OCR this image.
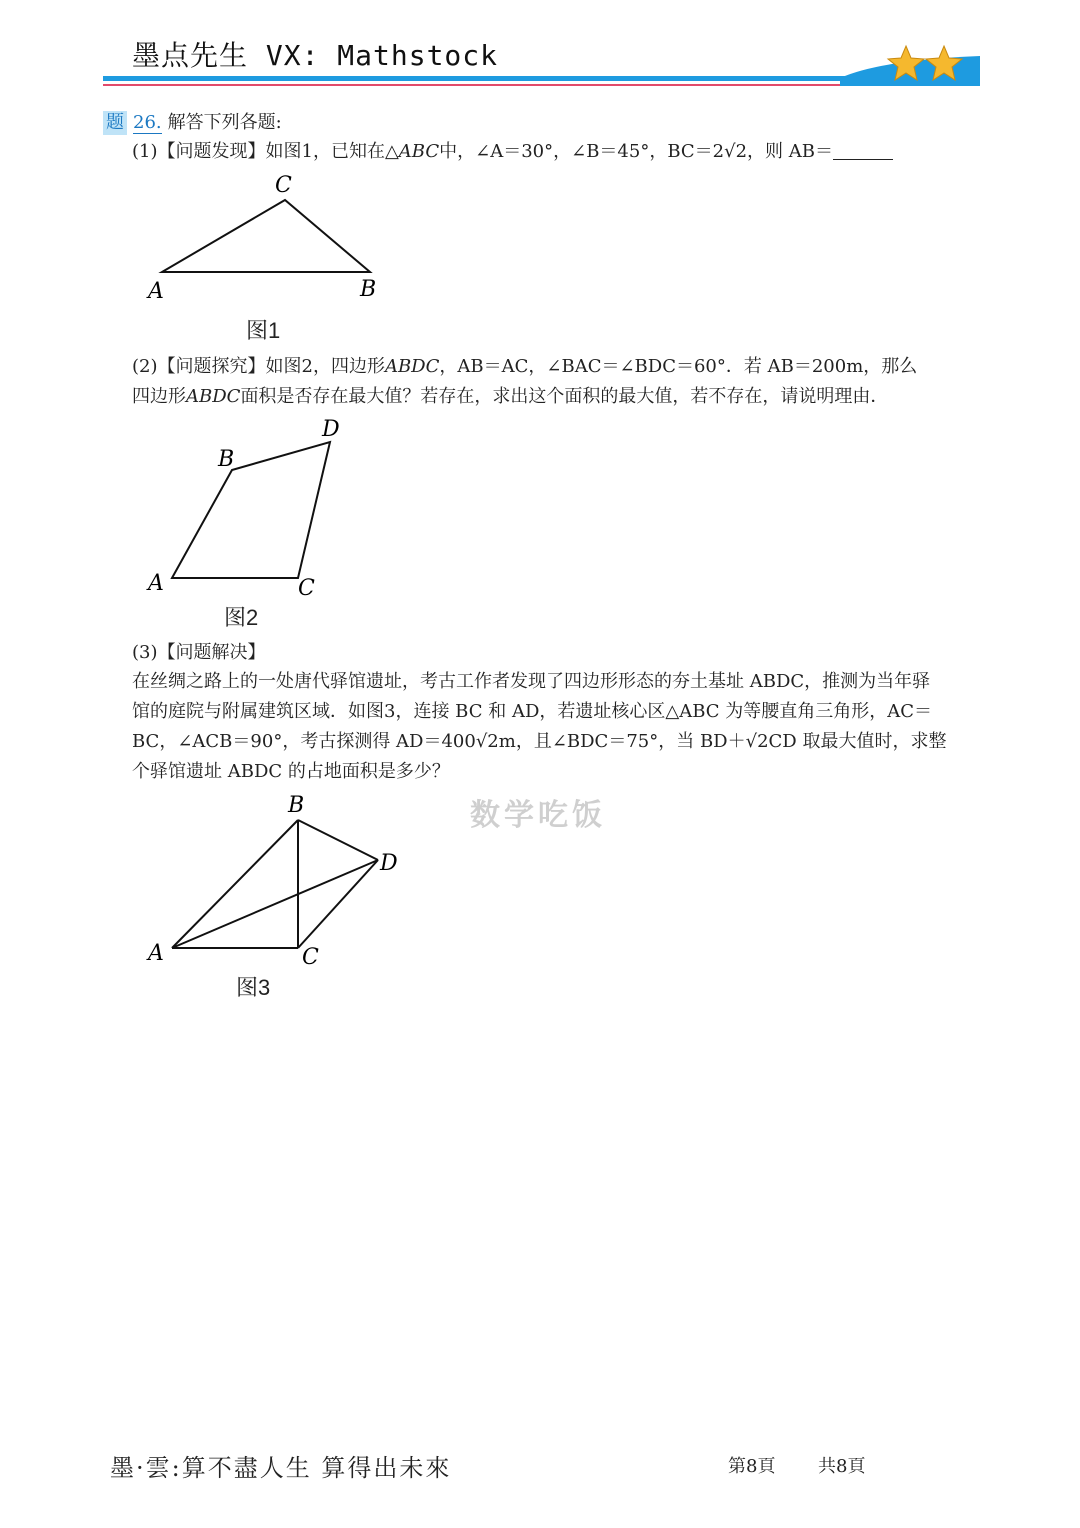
墨点先生 VX: Mathstock
题 26. 解答下列各题:
(1)【问题发现】如图1，已知在△ABC中，∠A＝30°，∠B＝45°，BC＝2√2，则 AB＝
A	B
C
图1
(2)【问题探究】如图2，四边形ABDC，AB＝AC，∠BAC＝∠BDC＝60°．若 AB＝200m，那么
四边形ABDC面积是否存在最大值？若存在，求出这个面积的最大值，若不存在，请说明理由．
A
B
C
D
图2
(3)【问题解决】
在丝绸之路上的一处唐代驿馆遗址，考古工作者发现了四边形形态的夯土基址 ABDC，推测为当年驿
馆的庭院与附属建筑区域．如图3，连接 BC 和 AD，若遗址核心区△ABC 为等腰直角三角形，AC＝
BC，∠ACB＝90°，考古探测得 AD＝400√2m，且∠BDC＝75°，当 BD＋√2CD 取最大值时，求整
个驿馆遗址 ABDC 的占地面积是多少？
数学吃饭
A
B
C
D
图3
墨·雲:算不盡人生 算得出未來	第8頁 共8頁
